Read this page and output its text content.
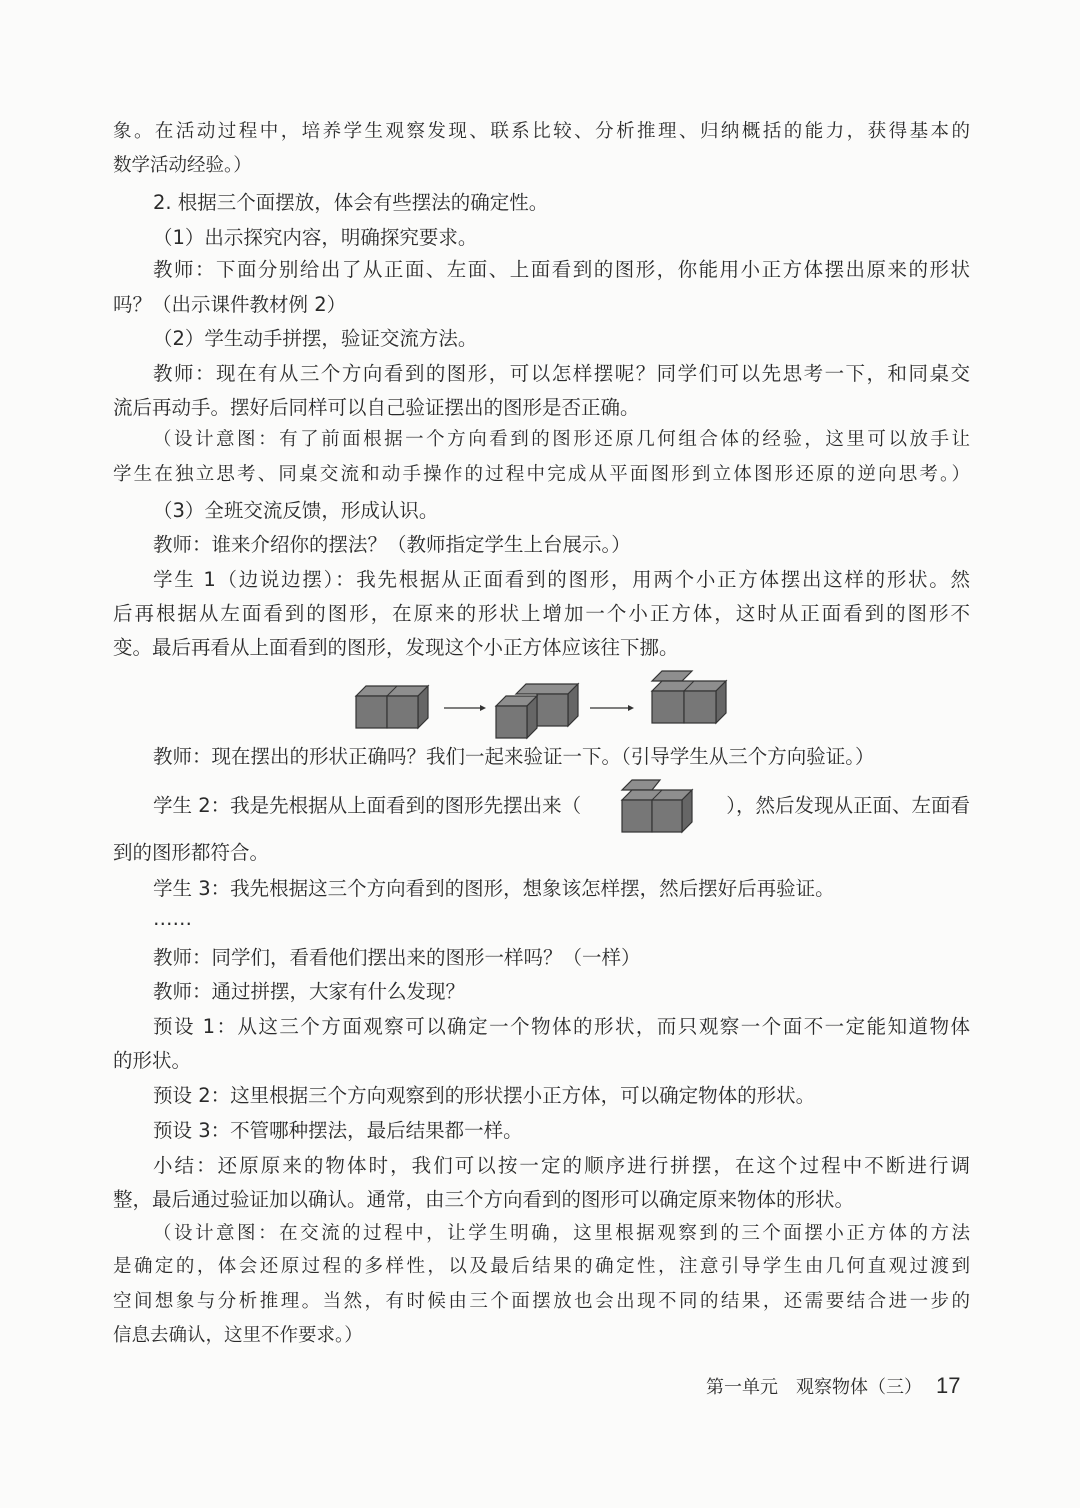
象。在活动过程中，培养学生观察发现、联系比较、分析推理、归纳概括的能力，获得基本的
数学活动经验。）
2. 根据三个面摆放，体会有些摆法的确定性。
（1）出示探究内容，明确探究要求。
教师：下面分别给出了从正面、左面、上面看到的图形，你能用小正方体摆出原来的形状
吗？（出示课件教材例 2）
（2）学生动手拼摆，验证交流方法。
教师：现在有从三个方向看到的图形，可以怎样摆呢？同学们可以先思考一下，和同桌交
流后再动手。摆好后同样可以自己验证摆出的图形是否正确。
（设计意图：有了前面根据一个方向看到的图形还原几何组合体的经验，这里可以放手让
学生在独立思考、同桌交流和动手操作的过程中完成从平面图形到立体图形还原的逆向思考。）
（3）全班交流反馈，形成认识。
教师：谁来介绍你的摆法？（教师指定学生上台展示。）
学生 1（边说边摆）：我先根据从正面看到的图形，用两个小正方体摆出这样的形状。然
后再根据从左面看到的图形，在原来的形状上增加一个小正方体，这时从正面看到的图形不
变。最后再看从上面看到的图形，发现这个小正方体应该往下挪。
教师：现在摆出的形状正确吗？我们一起来验证一下。（引导学生从三个方向验证。）
学生 2：我是先根据从上面看到的图形先摆出来（	），然后发现从正面、左面看
到的图形都符合。
学生 3：我先根据这三个方向看到的图形，想象该怎样摆，然后摆好后再验证。
……
教师：同学们，看看他们摆出来的图形一样吗？（一样）
教师：通过拼摆，大家有什么发现？
预设 1：从这三个方面观察可以确定一个物体的形状，而只观察一个面不一定能知道物体
的形状。
预设 2：这里根据三个方向观察到的形状摆小正方体，可以确定物体的形状。
预设 3：不管哪种摆法，最后结果都一样。
小结：还原原来的物体时，我们可以按一定的顺序进行拼摆，在这个过程中不断进行调
整，最后通过验证加以确认。通常，由三个方向看到的图形可以确定原来物体的形状。
（设计意图：在交流的过程中，让学生明确，这里根据观察到的三个面摆小正方体的方法
是确定的，体会还原过程的多样性，以及最后结果的确定性，注意引导学生由几何直观过渡到
空间想象与分析推理。当然，有时候由三个面摆放也会出现不同的结果，还需要结合进一步的
信息去确认，这里不作要求。）
第一单元　观察物体（三） 17
